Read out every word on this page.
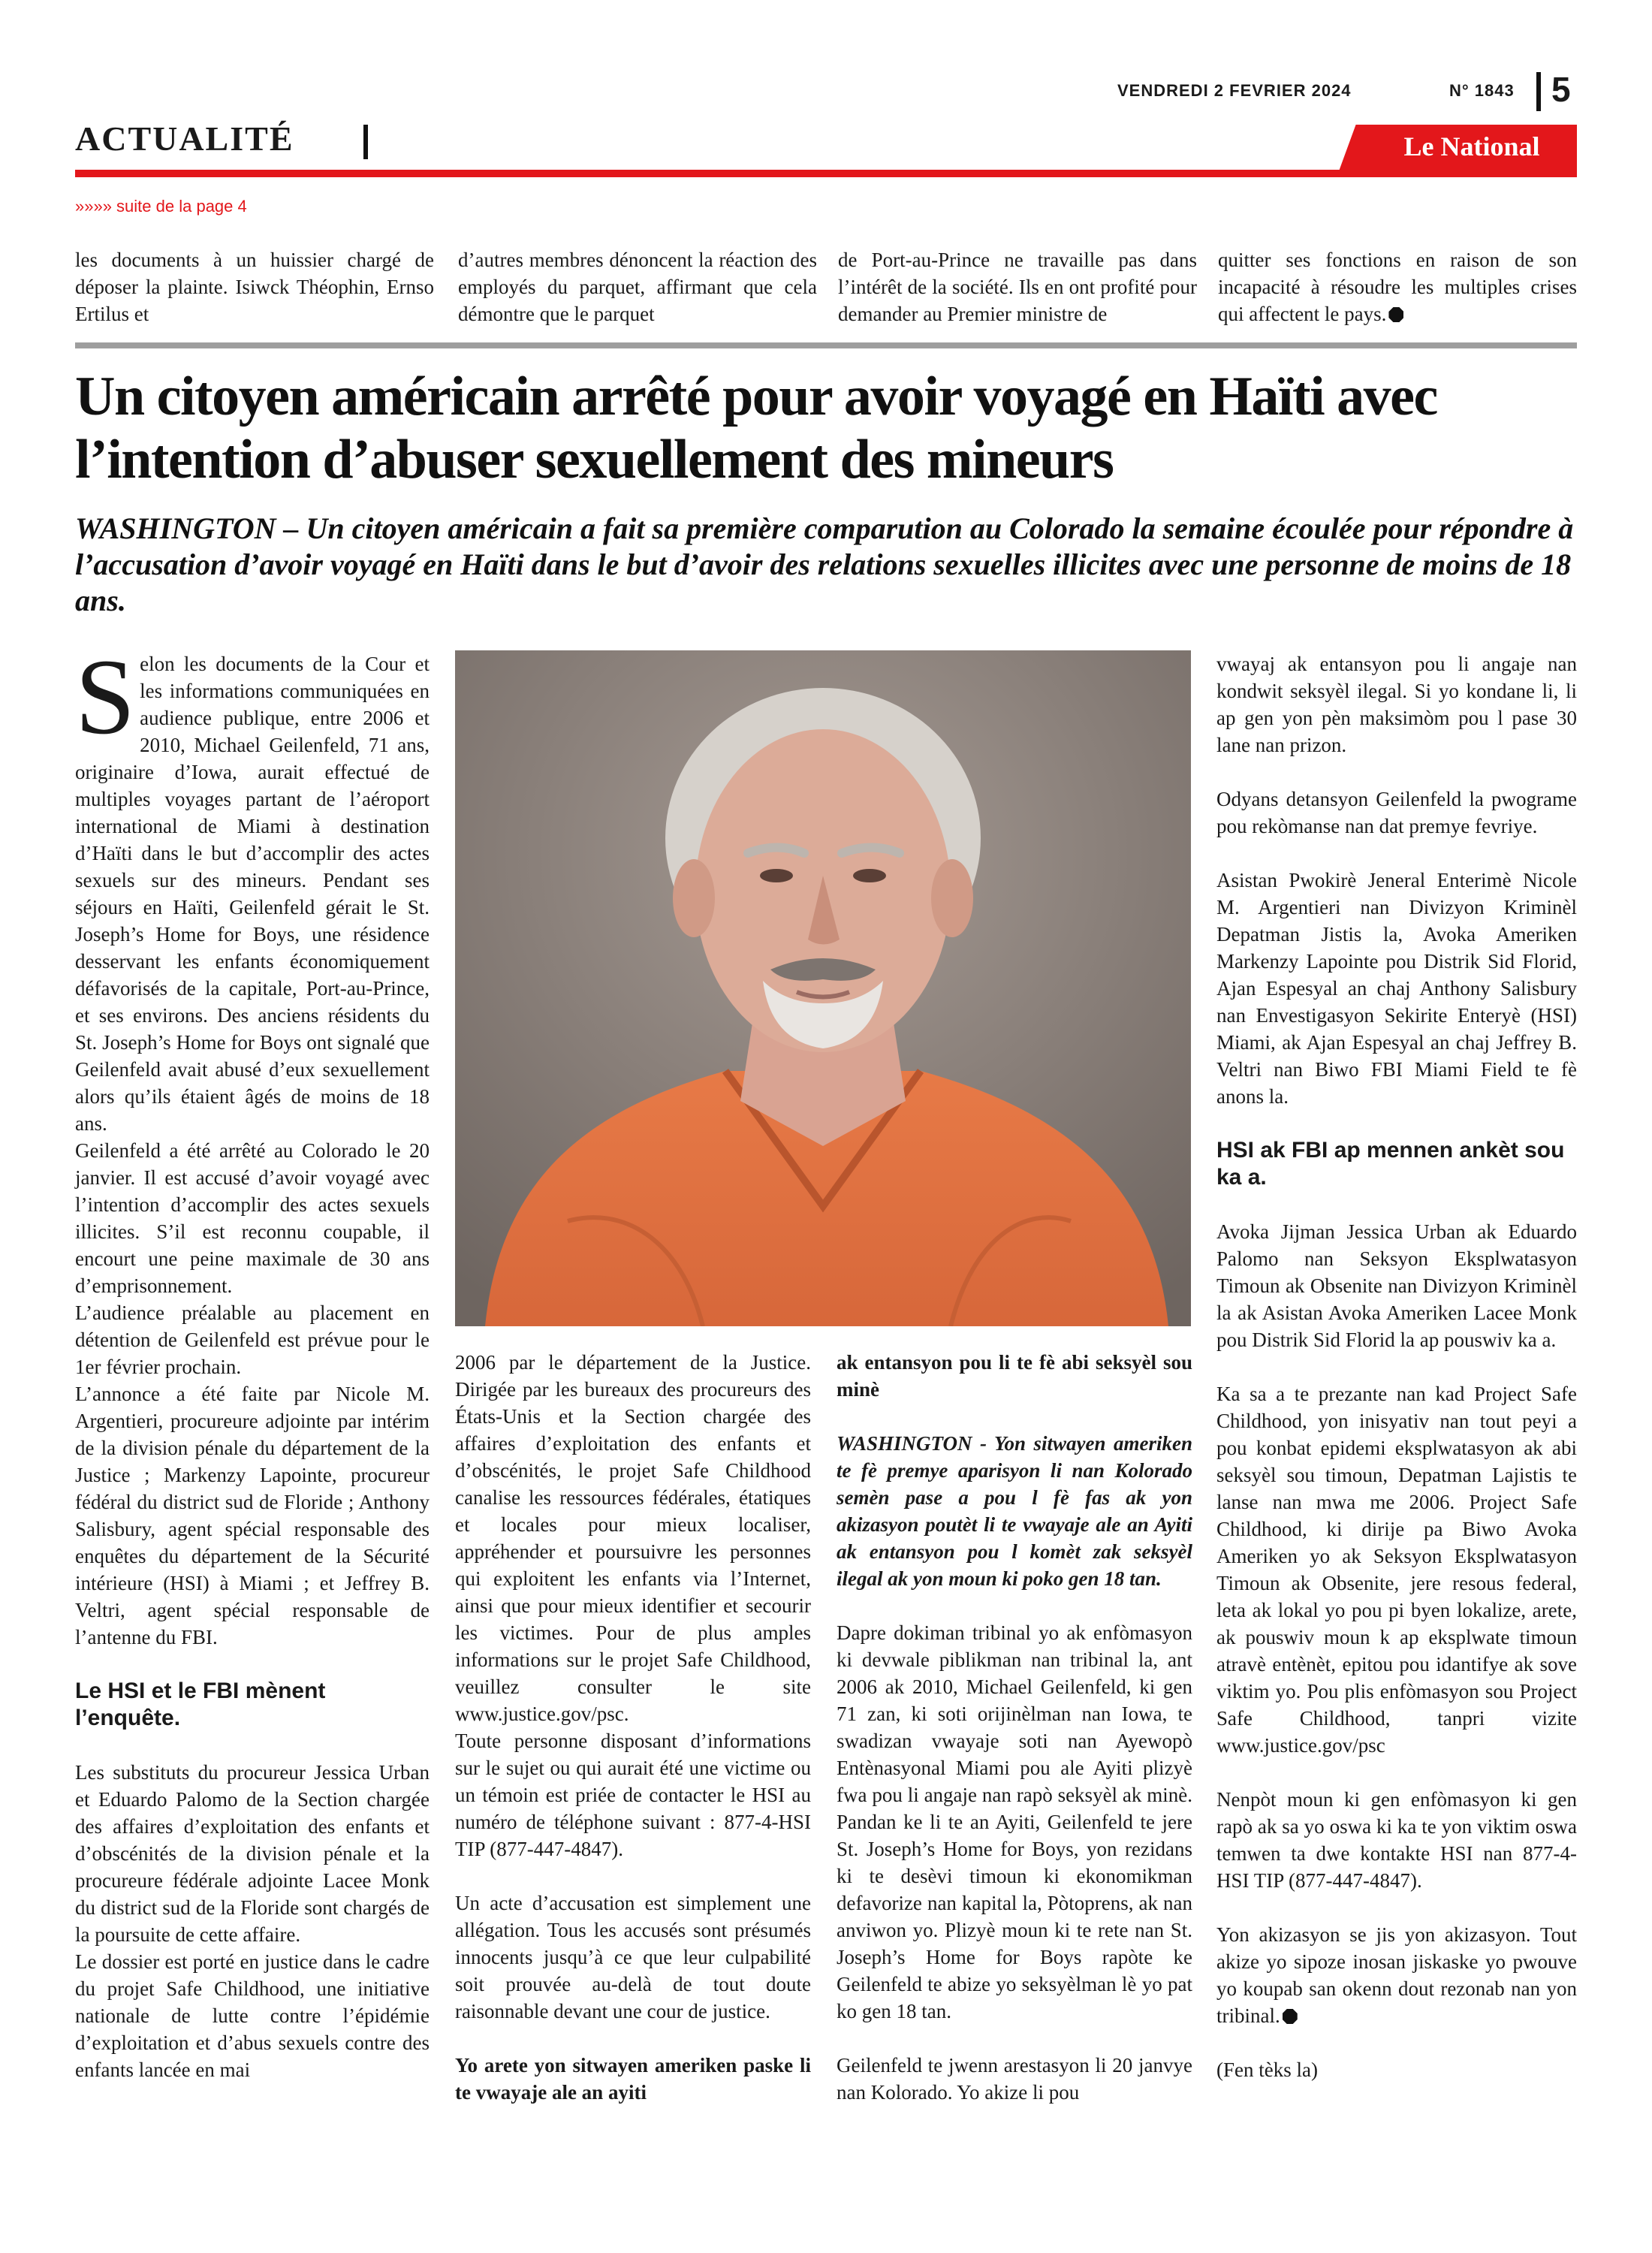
VENDREDI 2 FEVRIER 2024	N° 1843 5
ACTUALITÉ	Le National
»»»» suite de la page 4

les documents à un huissier chargé de déposer la plainte. Isiwck Théophin, Ernso Ertilus et

d’autres membres dénoncent la réaction des employés du parquet, affirmant que cela démontre que le parquet

de Port-au-Prince ne travaille pas dans l’intérêt de la société. Ils en ont profité pour demander au Premier ministre de

quitter ses fonctions en raison de son incapacité à résoudre les multiples crises qui affectent le pays.

Un citoyen américain arrêté pour avoir voyagé en Haïti avec l’intention d’abuser sexuellement des mineurs
WASHINGTON – Un citoyen américain a fait sa première comparution au Colorado la semaine écoulée pour répondre à l’accusation d’avoir voyagé en Haïti dans le but d’avoir des relations sexuelles illicites avec une personne de moins de 18 ans.

Selon les documents de la Cour et les informations communiquées en audience publique, entre 2006 et 2010, Michael Geilenfeld, 71 ans, originaire d’Iowa, aurait effectué de multiples voyages partant de l’aéroport international de Miami à destination d’Haïti dans le but d’accomplir des actes sexuels sur des mineurs. Pendant ses séjours en Haïti, Geilenfeld gérait le St. Joseph’s Home for Boys, une résidence desservant les enfants économiquement défavorisés de la capitale, Port-au-Prince, et ses environs. Des anciens résidents du St. Joseph’s Home for Boys ont signalé que Geilenfeld avait abusé d’eux sexuellement alors qu’ils étaient âgés de moins de 18 ans.

Geilenfeld a été arrêté au Colorado le 20 janvier. Il est accusé d’avoir voyagé avec l’intention d’accomplir des actes sexuels illicites. S’il est reconnu coupable, il encourt une peine maximale de 30 ans d’emprisonnement.

L’audience préalable au placement en détention de Geilenfeld est prévue pour le 1er février prochain.

L’annonce a été faite par Nicole M. Argentieri, procureure adjointe par intérim de la division pénale du département de la Justice ; Markenzy Lapointe, procureur fédéral du district sud de Floride ; Anthony Salisbury, agent spécial responsable des enquêtes du département de la Sécurité intérieure (HSI) à Miami ; et Jeffrey B. Veltri, agent spécial responsable de l’antenne du FBI.

Le HSI et le FBI mènent l’enquête.

Les substituts du procureur Jessica Urban et Eduardo Palomo de la Section chargée des affaires d’exploitation des enfants et d’obscénités de la division pénale et la procureure fédérale adjointe Lacee Monk du district sud de la Floride sont chargés de la poursuite de cette affaire.

Le dossier est porté en justice dans le cadre du projet Safe Childhood, une initiative nationale de lutte contre l’épidémie d’exploitation et d’abus sexuels contre des enfants lancée en mai

2006 par le département de la Justice. Dirigée par les bureaux des procureurs des États-Unis et la Section chargée des affaires d’exploitation des enfants et d’obscénités, le projet Safe Childhood canalise les ressources fédérales, étatiques et locales pour mieux localiser, appréhender et poursuivre les personnes qui exploitent les enfants via l’Internet, ainsi que pour mieux identifier et secourir les victimes. Pour de plus amples informations sur le projet Safe Childhood, veuillez consulter le site www.justice.gov/psc.

Toute personne disposant d’informations sur le sujet ou qui aurait été une victime ou un témoin est priée de contacter le HSI au numéro de téléphone suivant : 877-4-HSI TIP (877-447-4847).

Un acte d’accusation est simplement une allégation. Tous les accusés sont présumés innocents jusqu’à ce que leur culpabilité soit prouvée au-delà de tout doute raisonnable devant une cour de justice.

Yo arete yon sitwayen ameriken paske li te vwayaje ale an ayiti

ak entansyon pou li te fè abi seksyèl sou minè

WASHINGTON - Yon sitwayen ameriken te fè premye aparisyon li nan Kolorado semèn pase a pou l fè fas ak yon akizasyon poutèt li te vwayaje ale an Ayiti ak entansyon pou l komèt zak seksyèl ilegal ak yon moun ki poko gen 18 tan.

Dapre dokiman tribinal yo ak enfòmasyon ki devwale piblikman nan tribinal la, ant 2006 ak 2010, Michael Geilenfeld, ki gen 71 zan, ki soti orijinèlman nan Iowa, te swadizan vwayaje soti nan Ayewopò Entènasyonal Miami pou ale Ayiti plizyè fwa pou li angaje nan rapò seksyèl ak minè. Pandan ke li te an Ayiti, Geilenfeld te jere St. Joseph’s Home for Boys, yon rezidans ki te desèvi timoun ki ekonomikman defavorize nan kapital la, Pòtoprens, ak nan anviwon yo. Plizyè moun ki te rete nan St. Joseph’s Home for Boys rapòte ke Geilenfeld te abize yo seksyèlman lè yo pat ko gen 18 tan.

Geilenfeld te jwenn arestasyon li 20 janvye nan Kolorado. Yo akize li pou

vwayaj ak entansyon pou li angaje nan kondwit seksyèl ilegal. Si yo kondane li, li ap gen yon pèn maksimòm pou l pase 30 lane nan prizon.

Odyans detansyon Geilenfeld la pwograme pou rekòmanse nan dat premye fevriye.

Asistan Pwokirè Jeneral Enterimè Nicole M. Argentieri nan Divizyon Kriminèl Depatman Jistis la, Avoka Ameriken Markenzy Lapointe pou Distrik Sid Florid, Ajan Espesyal an chaj Anthony Salisbury nan Envestigasyon Sekirite Enteryè (HSI) Miami, ak Ajan Espesyal an chaj Jeffrey B. Veltri nan Biwo FBI Miami Field te fè anons la.

HSI ak FBI ap mennen ankèt sou ka a.

Avoka Jijman Jessica Urban ak Eduardo Palomo nan Seksyon Eksplwatasyon Timoun ak Obsenite nan Divizyon Kriminèl la ak Asistan Avoka Ameriken Lacee Monk pou Distrik Sid Florid la ap pouswiv ka a.

Ka sa a te prezante nan kad Project Safe Childhood, yon inisyativ nan tout peyi a pou konbat epidemi eksplwatasyon ak abi seksyèl sou timoun, Depatman Lajistis te lanse nan mwa me 2006. Project Safe Childhood, ki dirije pa Biwo Avoka Ameriken yo ak Seksyon Eksplwatasyon Timoun ak Obsenite, jere resous federal, leta ak lokal yo pou pi byen lokalize, arete, ak pouswiv moun k ap eksplwate timoun atravè entènèt, epitou pou idantifye ak sove viktim yo. Pou plis enfòmasyon sou Project Safe Childhood, tanpri vizite www.justice.gov/psc

Nenpòt moun ki gen enfòmasyon ki gen rapò ak sa yo oswa ki ka te yon viktim oswa temwen ta dwe kontakte HSI nan 877-4-HSI TIP (877-447-4847).

Yon akizasyon se jis yon akizasyon. Tout akize yo sipoze inosan jiskaske yo pwouve yo koupab san okenn dout rezonab nan yon tribinal.

(Fen tèks la)
